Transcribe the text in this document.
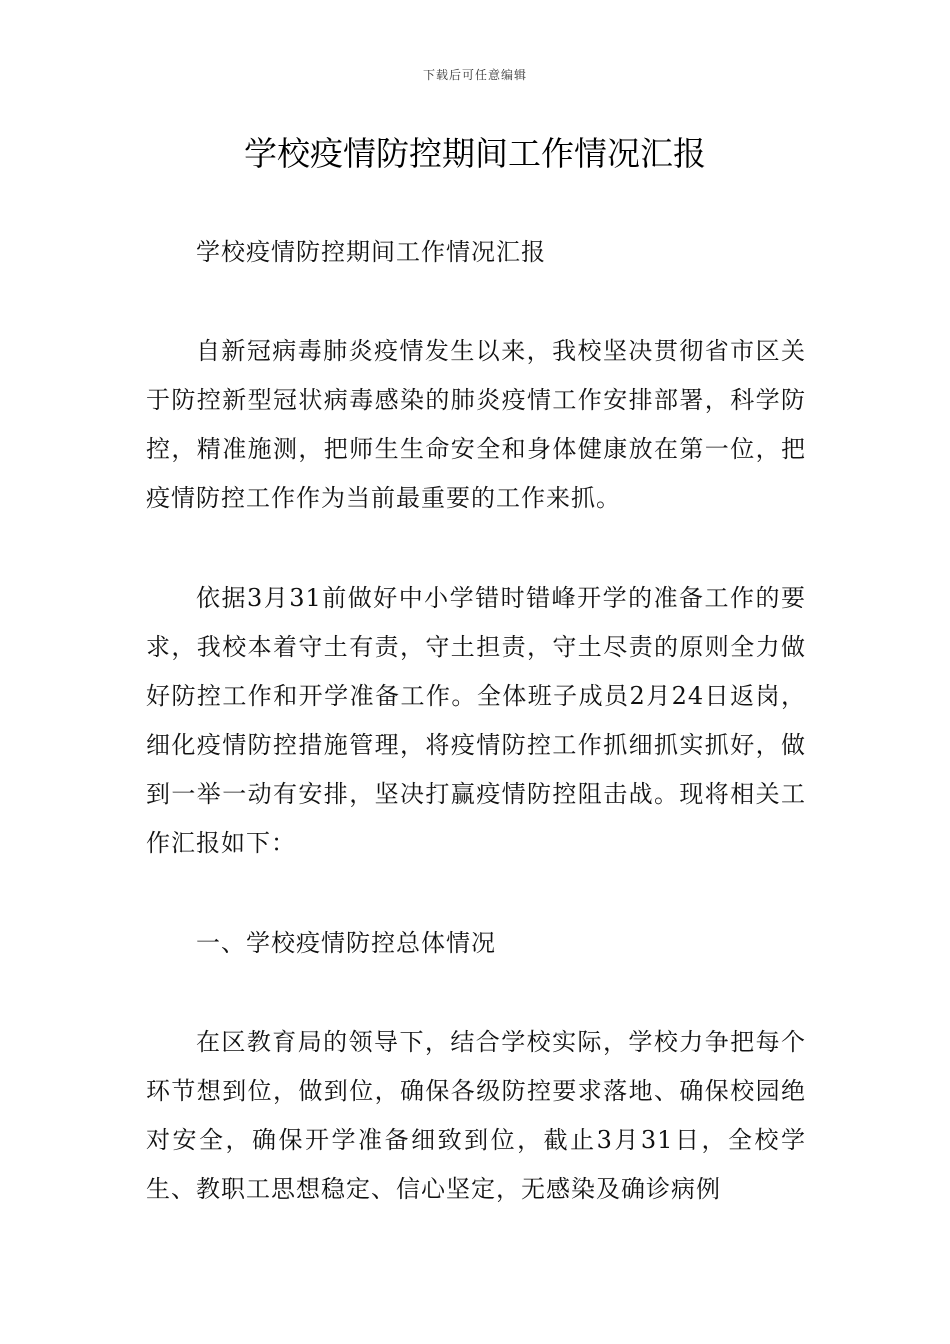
下载后可任意编辑
学校疫情防控期间工作情况汇报

学校疫情防控期间工作情况汇报

自新冠病毒肺炎疫情发生以来，我校坚决贯彻省市区关于防控新型冠状病毒感染的肺炎疫情工作安排部署，科学防控，精准施测，把师生生命安全和身体健康放在第一位，把疫情防控工作作为当前最重要的工作来抓。

依据3月31前做好中小学错时错峰开学的准备工作的要求，我校本着守土有责，守土担责，守土尽责的原则全力做好防控工作和开学准备工作。全体班子成员2月24日返岗，细化疫情防控措施管理，将疫情防控工作抓细抓实抓好，做到一举一动有安排，坚决打赢疫情防控阻击战。现将相关工作汇报如下：

一、学校疫情防控总体情况

在区教育局的领导下，结合学校实际，学校力争把每个环节想到位，做到位，确保各级防控要求落地、确保校园绝对安全，确保开学准备细致到位，截止3月31日，全校学生、教职工思想稳定、信心坚定，无感染及确诊病例
